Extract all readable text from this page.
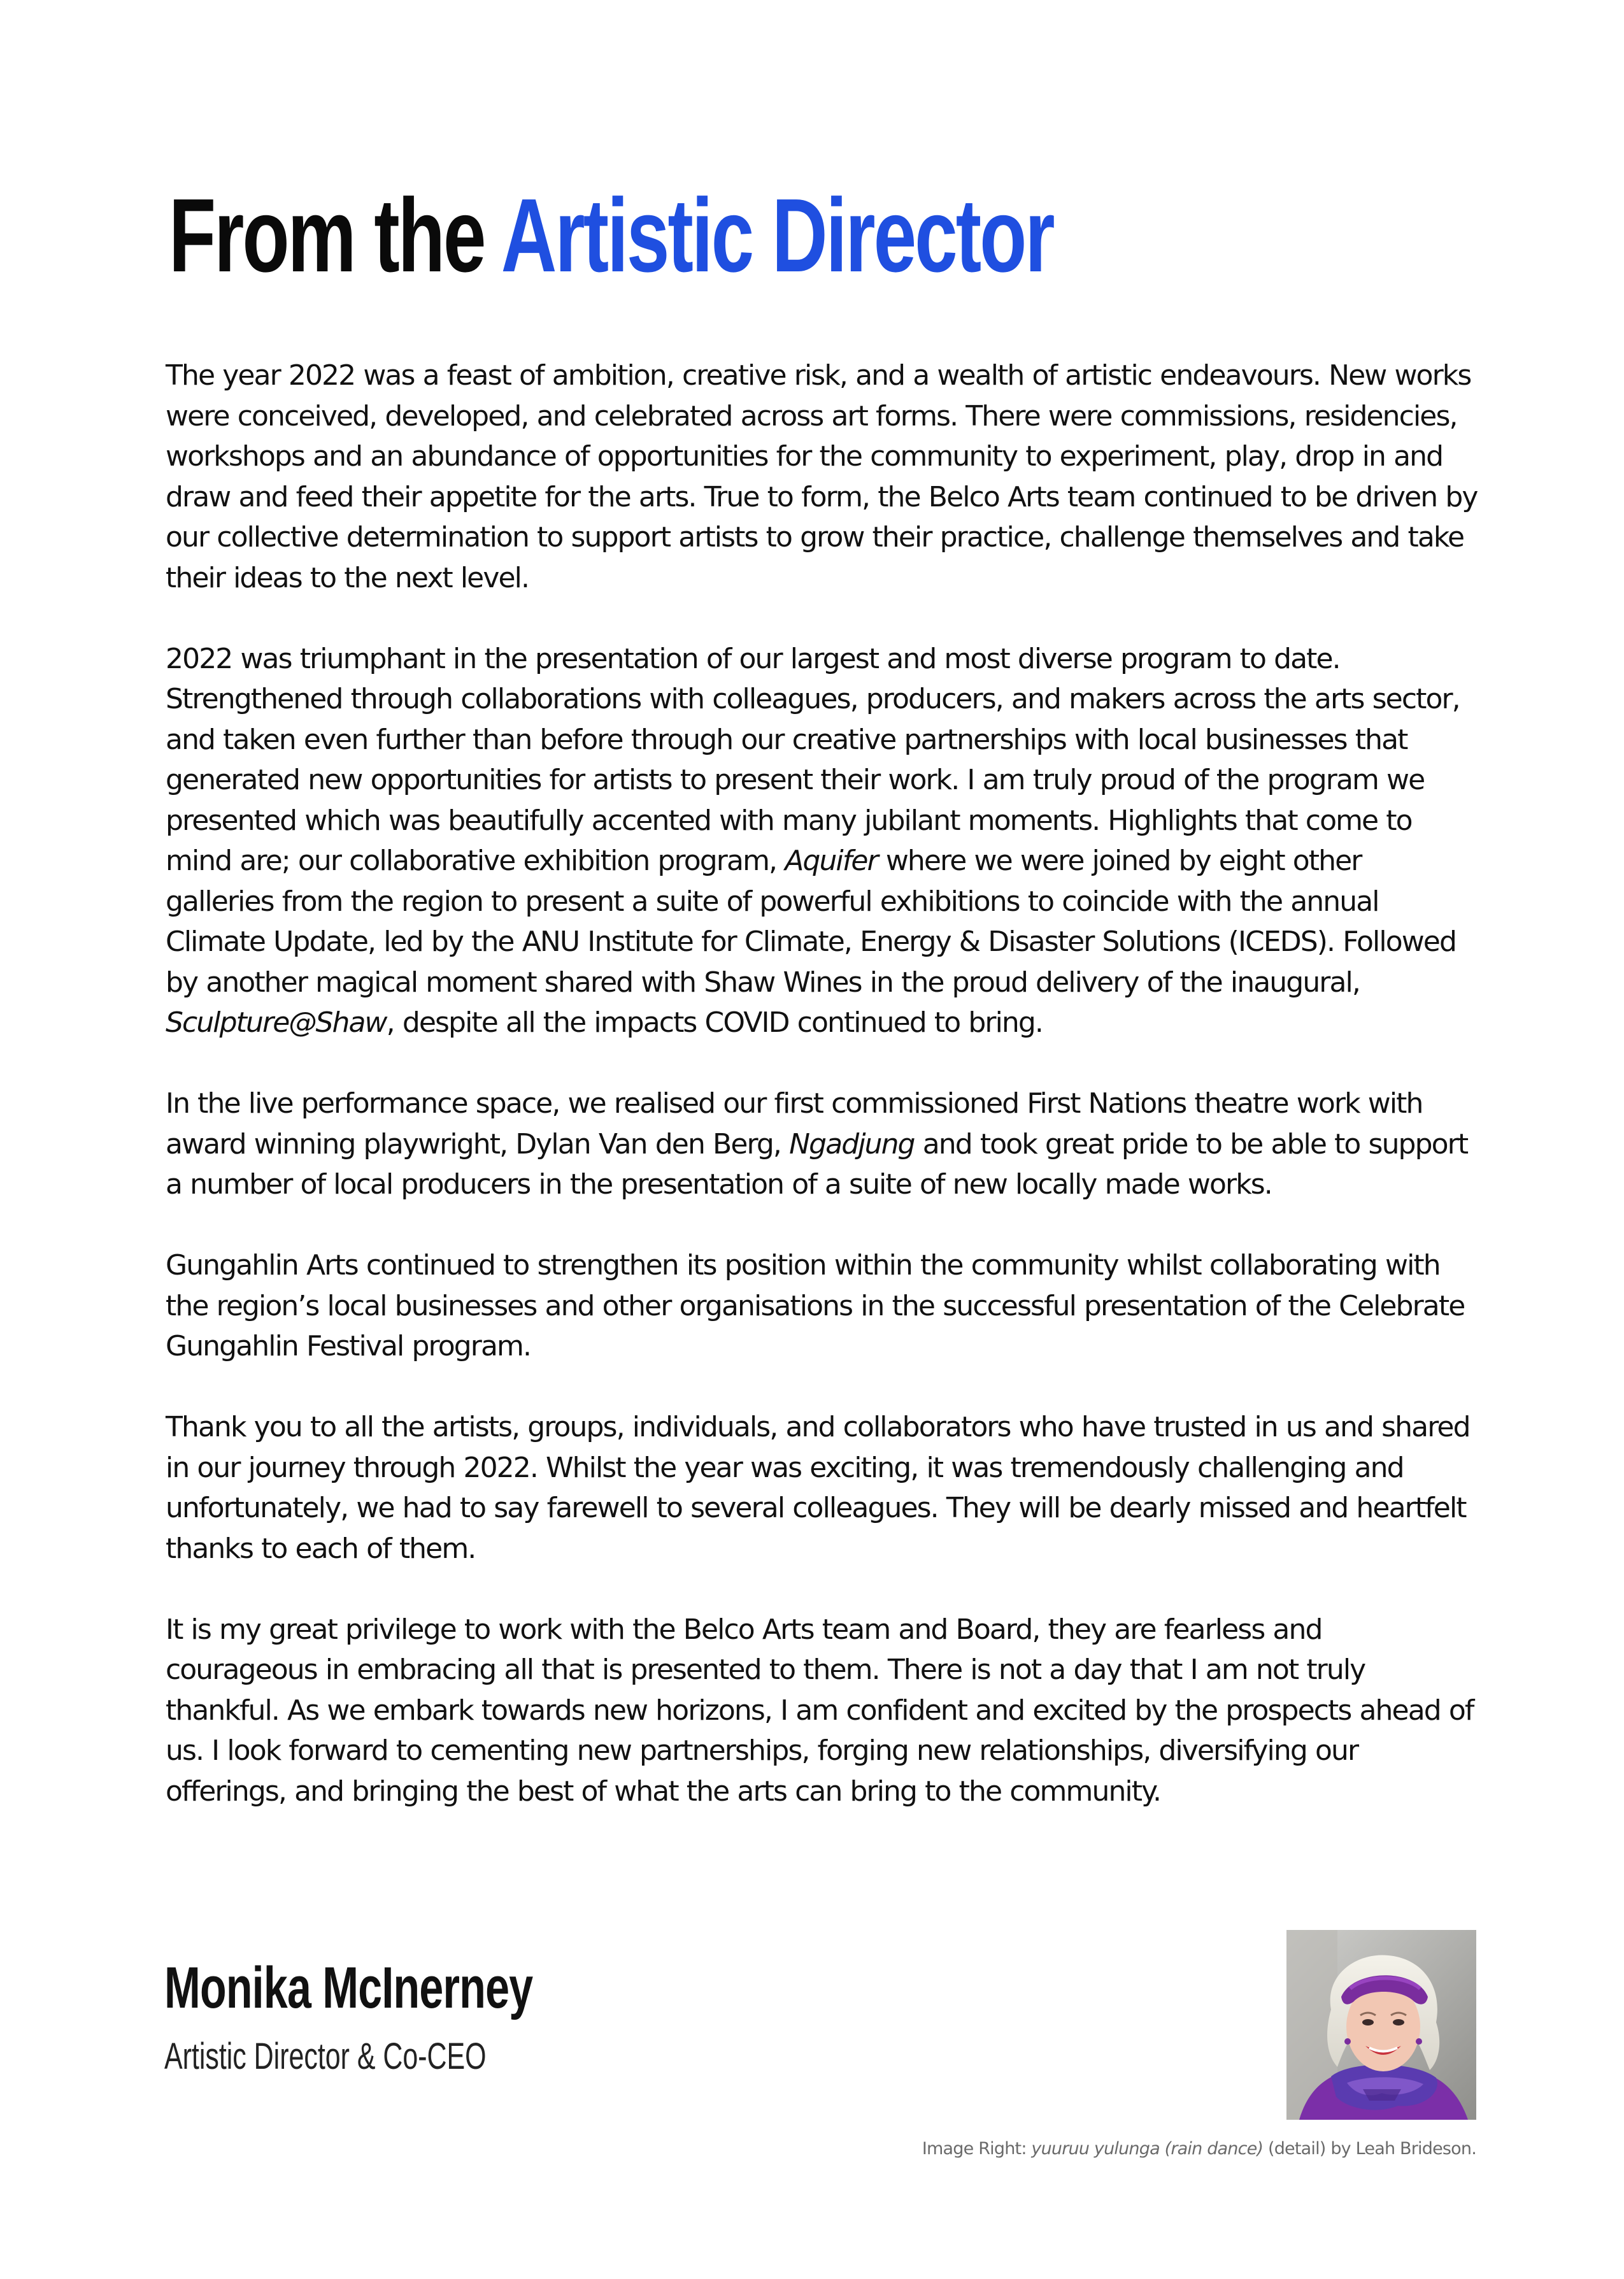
From the Artistic Director

The year 2022 was a feast of ambition, creative risk, and a wealth of artistic endeavours. New works were conceived, developed, and celebrated across art forms. There were commissions, residencies, workshops and an abundance of opportunities for the community to experiment, play, drop in and draw and feed their appetite for the arts. True to form, the Belco Arts team continued to be driven by our collective determination to support artists to grow their practice, challenge themselves and take their ideas to the next level.

2022 was triumphant in the presentation of our largest and most diverse program to date. Strengthened through collaborations with colleagues, producers, and makers across the arts sector, and taken even further than before through our creative partnerships with local businesses that generated new opportunities for artists to present their work. I am truly proud of the program we presented which was beautifully accented with many jubilant moments. Highlights that come to mind are; our collaborative exhibition program, Aquifer where we were joined by eight other galleries from the region to present a suite of powerful exhibitions to coincide with the annual Climate Update, led by the ANU Institute for Climate, Energy & Disaster Solutions (ICEDS). Followed by another magical moment shared with Shaw Wines in the proud delivery of the inaugural, Sculpture@Shaw, despite all the impacts COVID continued to bring.

In the live performance space, we realised our first commissioned First Nations theatre work with award winning playwright, Dylan Van den Berg, Ngadjung and took great pride to be able to support a number of local producers in the presentation of a suite of new locally made works.

Gungahlin Arts continued to strengthen its position within the community whilst collaborating with the region’s local businesses and other organisations in the successful presentation of the Celebrate Gungahlin Festival program.

Thank you to all the artists, groups, individuals, and collaborators who have trusted in us and shared in our journey through 2022. Whilst the year was exciting, it was tremendously challenging and unfortunately, we had to say farewell to several colleagues. They will be dearly missed and heartfelt thanks to each of them.

It is my great privilege to work with the Belco Arts team and Board, they are fearless and courageous in embracing all that is presented to them. There is not a day that I am not truly thankful. As we embark towards new horizons, I am confident and excited by the prospects ahead of us. I look forward to cementing new partnerships, forging new relationships, diversifying our offerings, and bringing the best of what the arts can bring to the community.

Monika McInerney

Artistic Director & Co-CEO

Image Right: yuuruu yulunga (rain dance) (detail) by Leah Brideson.
